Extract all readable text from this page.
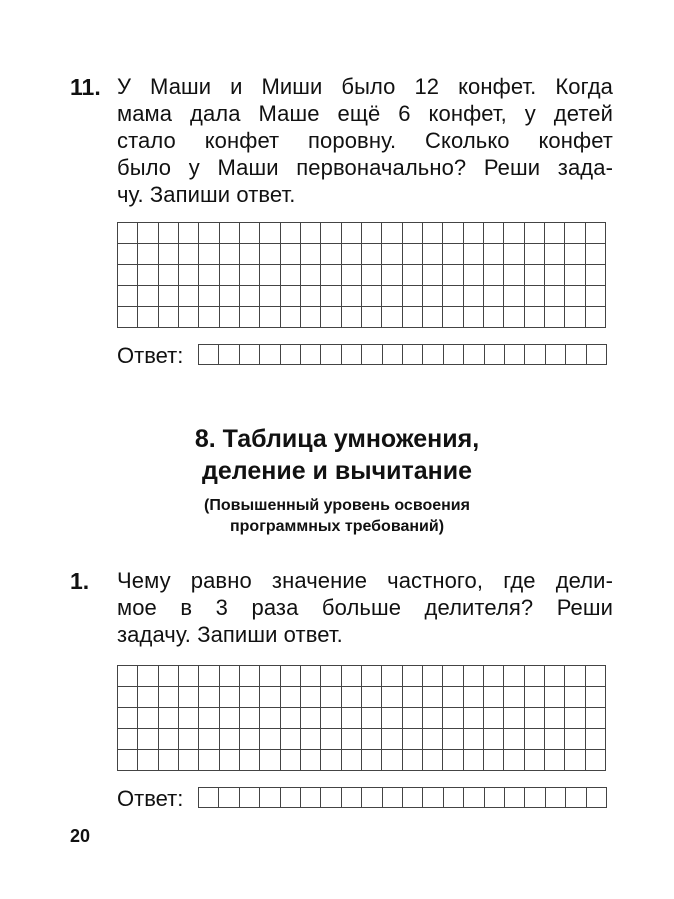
11. У Маши и Миши было 12 конфет. Когда
мама дала Маше ещё 6 конфет, у детей
стало конфет поровну. Сколько конфет
было у Маши первоначально? Реши зада-
чу. Запиши ответ.
Ответ:
8. Таблица умножения,
деление и вычитание
(Повышенный уровень освоения
программных требований)
1. Чему равно значение частного, где дели-
мое в 3 раза больше делителя? Реши
задачу. Запиши ответ.
Ответ:
20
